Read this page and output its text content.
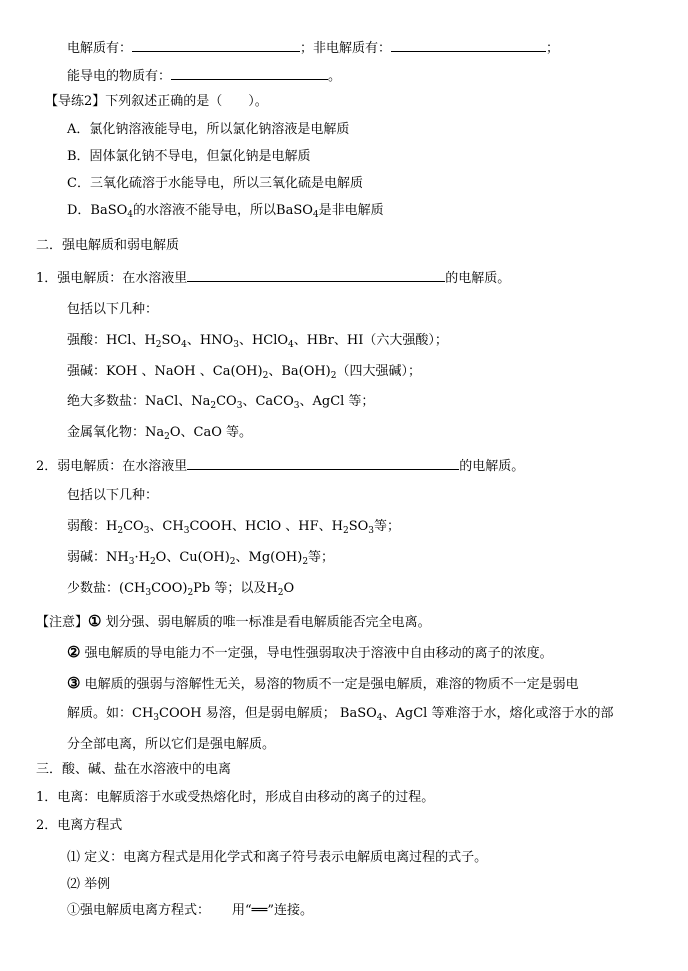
电解质有：	；非电解质有：	；
能导电的物质有：	。
【导练2】下列叙述正确的是（　　）。
A．氯化钠溶液能导电，所以氯化钠溶液是电解质
B．固体氯化钠不导电，但氯化钠是电解质
C．三氧化硫溶于水能导电，所以三氧化硫是电解质
D．BaSO$_4$的水溶液不能导电，所以BaSO$_4$是非电解质
二．强电解质和弱电解质
1．强电解质：在水溶液里	的电解质。
包括以下几种：
强酸：HCl、$H_2SO_4$、$HNO_3$、HClO$_4$、HBr、HI（六大强酸）；
强碱：KOH 、NaOH 、$Ca(OH)_2$、$Ba(OH)_2$（四大强碱）；
绝大多数盐：NaCl、$Na_2CO_3$、CaCO$_3$、AgCl 等；
金属氧化物：$Na_2O$、CaO 等。
2．弱电解质：在水溶液里	的电解质。
包括以下几种：
弱酸：$H_2CO_3$、$CH_3COOH$、HClO 、HF、$H_2SO_3$等；
弱碱：$NH_3\cdot H_2O$、$Cu(OH)_2$、$Mg(OH)_2$等；
少数盐：$(CH_3COO)_2Pb$ 等；以及$H_2O$
【注意】① 划分强、弱电解质的唯一标准是看电解质能否完全电离。
② 强电解质的导电能力不一定强，导电性强弱取决于溶液中自由移动的离子的浓度。
③ 电解质的强弱与溶解性无关，易溶的物质不一定是强电解质，难溶的物质不一定是弱电
解质。如：$CH_3COOH$ 易溶，但是弱电解质； BaSO$_4$、AgCl 等难溶于水，熔化或溶于水的部
分全部电离，所以它们是强电解质。
三．酸、碱、盐在水溶液中的电离
1．电离：电解质溶于水或受热熔化时，形成自由移动的离子的过程。
2．电离方程式
⑴ 定义：电离方程式是用化学式和离子符号表示电解质电离过程的式子。
⑵ 举例
①强电解质电离方程式： 用“══”连接。
